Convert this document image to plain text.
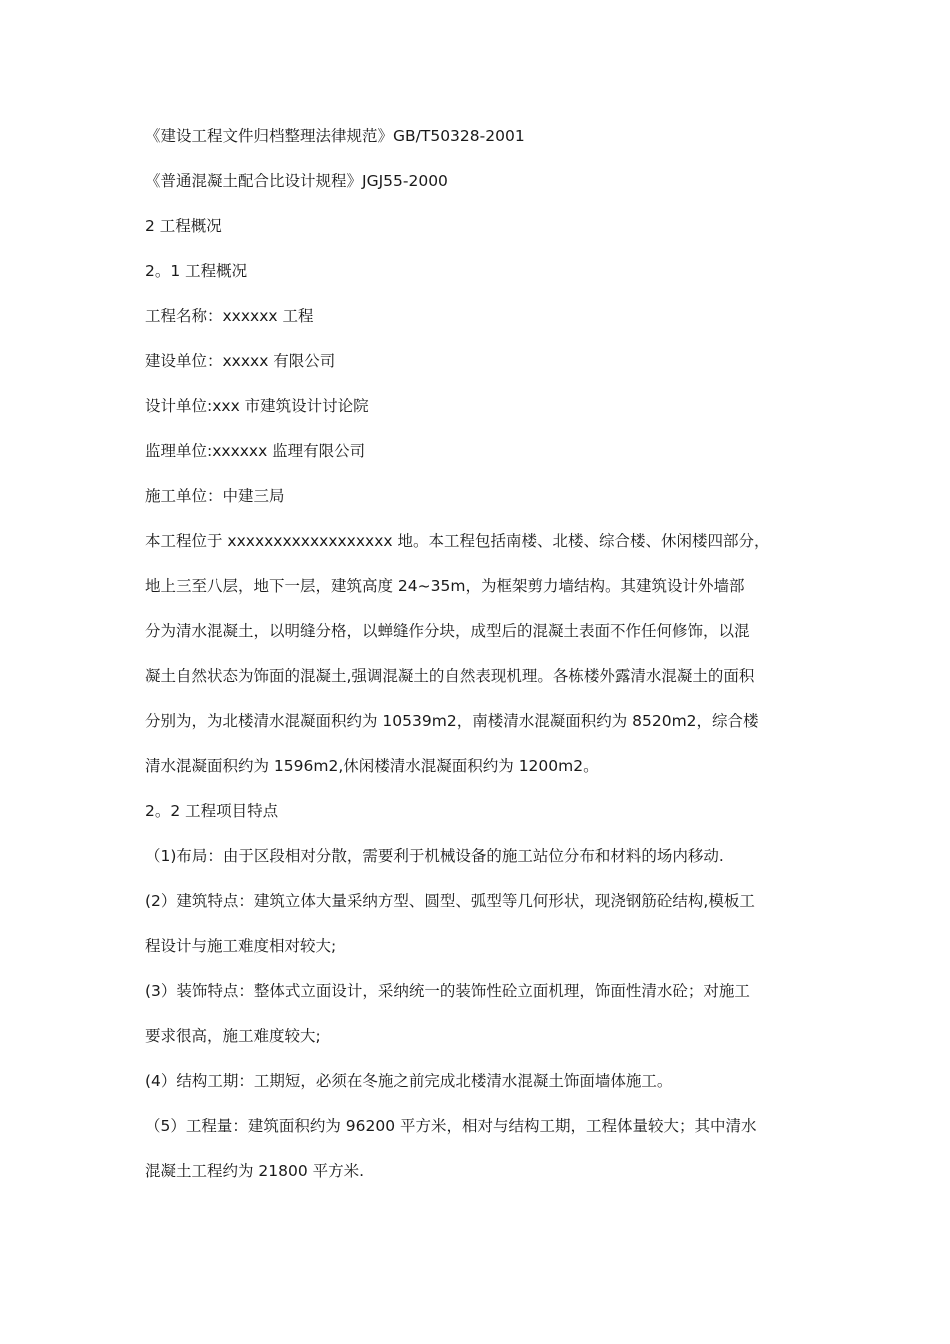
《建设工程文件归档整理法律规范》GB/T50328-2001
《普通混凝土配合比设计规程》JGJ55-2000
2 工程概况
2。1 工程概况
工程名称：xxxxxx 工程
建设单位：xxxxx 有限公司
设计单位:xxx 市建筑设计讨论院
监理单位:xxxxxx 监理有限公司
施工单位：中建三局
本工程位于 xxxxxxxxxxxxxxxxxx 地。本工程包括南楼、北楼、综合楼、休闲楼四部分，
地上三至八层，地下一层，建筑高度 24~35m，为框架剪力墙结构。其建筑设计外墙部
分为清水混凝土，以明缝分格，以蝉缝作分块，成型后的混凝土表面不作任何修饰，以混
凝土自然状态为饰面的混凝土,强调混凝土的自然表现机理。各栋楼外露清水混凝土的面积
分别为，为北楼清水混凝面积约为 10539m2，南楼清水混凝面积约为 8520m2，综合楼
清水混凝面积约为 1596m2,休闲楼清水混凝面积约为 1200m2。
2。2 工程项目特点
（1)布局：由于区段相对分散，需要利于机械设备的施工站位分布和材料的场内移动.
(2）建筑特点：建筑立体大量采纳方型、圆型、弧型等几何形状，现浇钢筋砼结构,模板工
程设计与施工难度相对较大;
(3）装饰特点：整体式立面设计，采纳统一的装饰性砼立面机理，饰面性清水砼；对施工
要求很高，施工难度较大;
(4）结构工期：工期短，必须在冬施之前完成北楼清水混凝土饰面墙体施工。
（5）工程量：建筑面积约为 96200 平方米，相对与结构工期，工程体量较大；其中清水
混凝土工程约为 21800 平方米.
